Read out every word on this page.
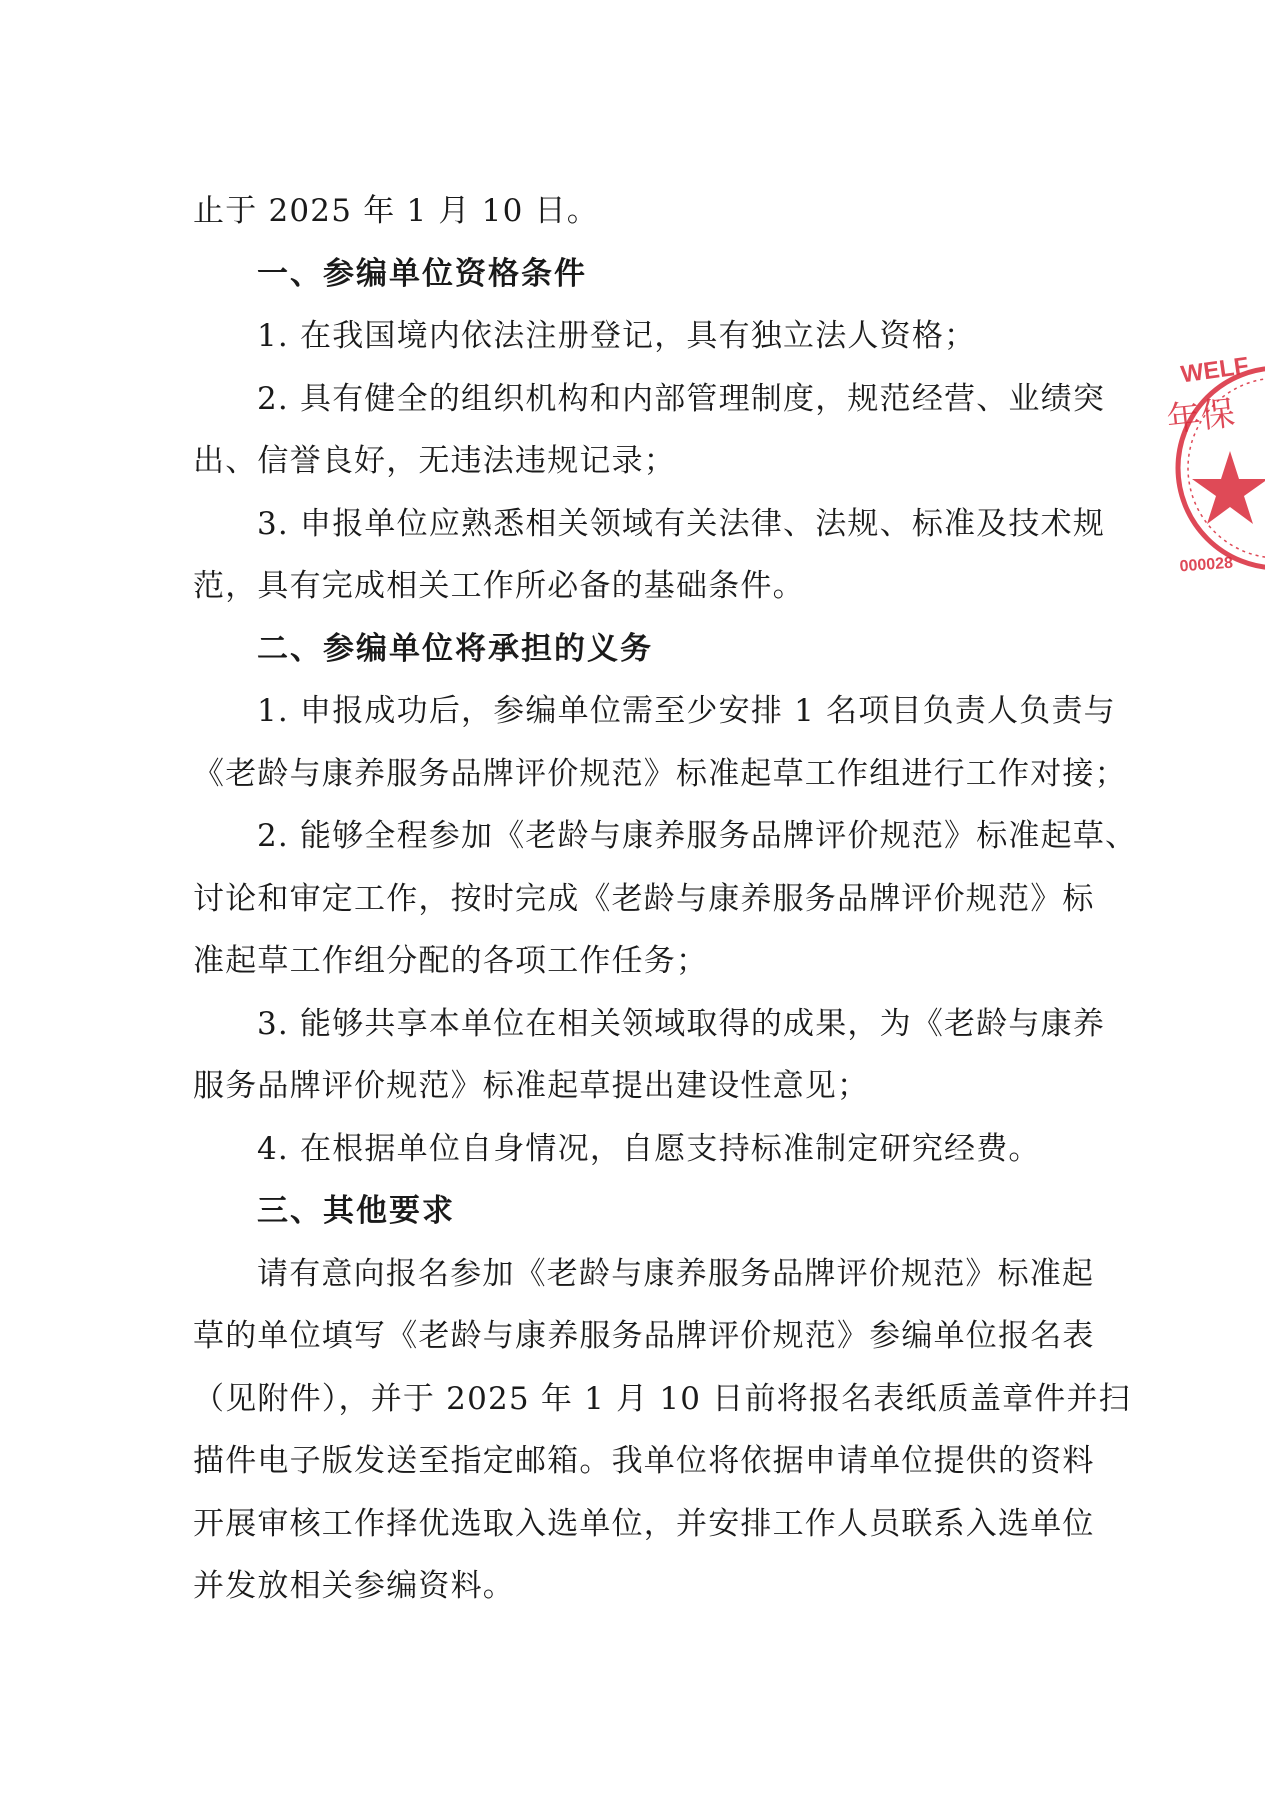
止于 2025 年 1 月 10 日。
一、参编单位资格条件
1. 在我国境内依法注册登记，具有独立法人资格；
2. 具有健全的组织机构和内部管理制度，规范经营、业绩突
出、信誉良好，无违法违规记录；
3. 申报单位应熟悉相关领域有关法律、法规、标准及技术规
范，具有完成相关工作所必备的基础条件。
二、参编单位将承担的义务
1. 申报成功后，参编单位需至少安排 1 名项目负责人负责与
《老龄与康养服务品牌评价规范》标准起草工作组进行工作对接；
2. 能够全程参加《老龄与康养服务品牌评价规范》标准起草、
讨论和审定工作，按时完成《老龄与康养服务品牌评价规范》标
准起草工作组分配的各项工作任务；
3. 能够共享本单位在相关领域取得的成果，为《老龄与康养
服务品牌评价规范》标准起草提出建设性意见；
4. 在根据单位自身情况，自愿支持标准制定研究经费。
三、其他要求
请有意向报名参加《老龄与康养服务品牌评价规范》标准起
草的单位填写《老龄与康养服务品牌评价规范》参编单位报名表
（见附件），并于 2025 年 1 月 10 日前将报名表纸质盖章件并扫
描件电子版发送至指定邮箱。我单位将依据申请单位提供的资料
开展审核工作择优选取入选单位，并安排工作人员联系入选单位
并发放相关参编资料。
WELF
年保
000028
